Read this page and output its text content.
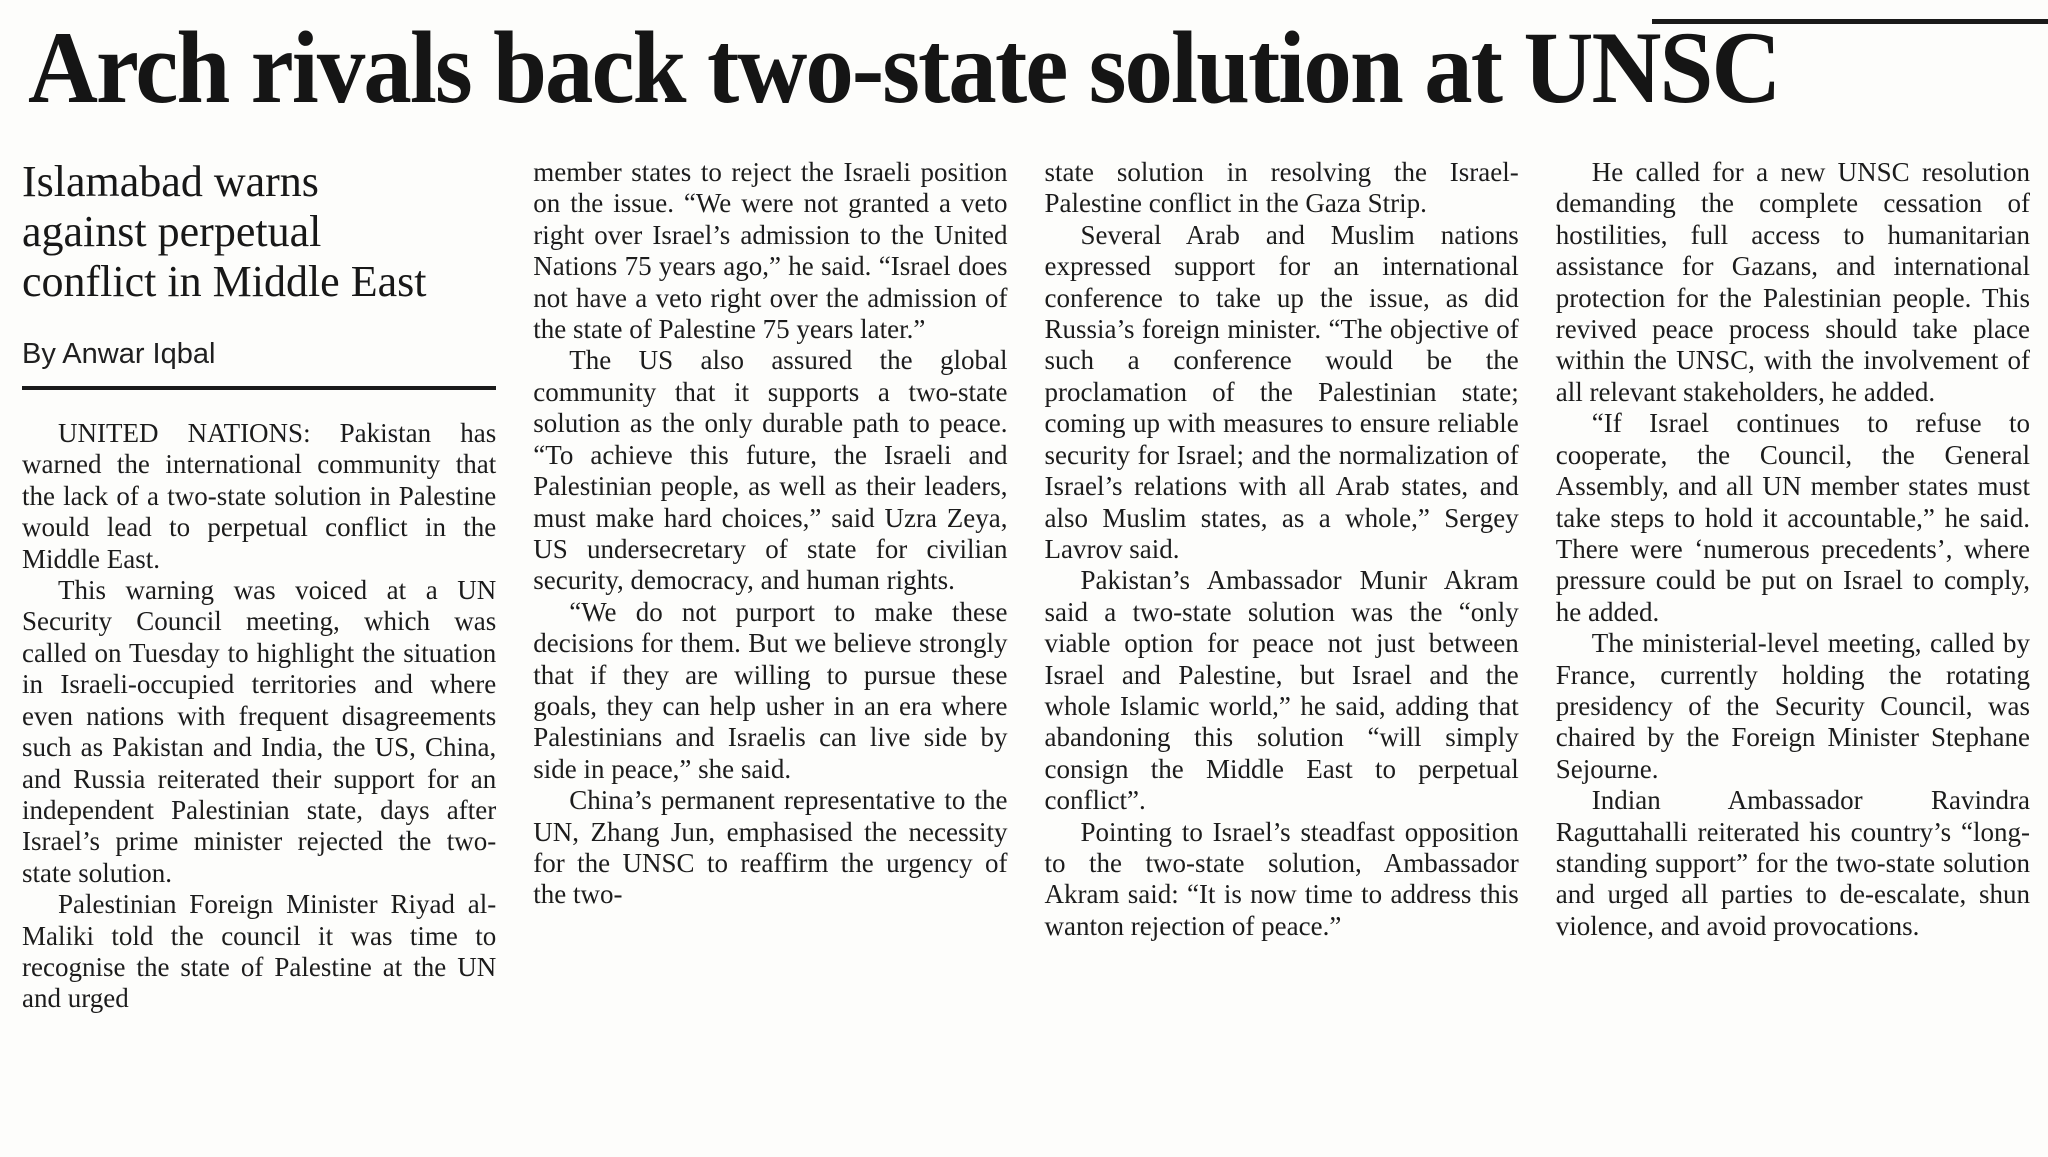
Arch rivals back two-state solution at UNSC
Islamabad warns against perpetual conflict in Middle East
By Anwar Iqbal

UNITED NATIONS: Pakistan has warned the international community that the lack of a two-state solution in Palestine would lead to perpetual conflict in the Middle East.

This warning was voiced at a UN Security Council meeting, which was called on Tuesday to highlight the situation in Israeli-occupied territories and where even nations with frequent disagreements such as Pakistan and India, the US, China, and Russia reiterated their support for an independent Palestinian state, days after Israel’s prime minister rejected the two-state solution.

Palestinian Foreign Minister Riyad al-Maliki told the council it was time to recognise the state of Palestine at the UN and urged

member states to reject the Israeli position on the issue. “We were not granted a veto right over Israel’s admission to the United Nations 75 years ago,” he said. “Israel does not have a veto right over the admission of the state of Palestine 75 years later.”

The US also assured the global community that it supports a two-state solution as the only durable path to peace. “To achieve this future, the Israeli and Palestinian people, as well as their leaders, must make hard choices,” said Uzra Zeya, US undersecretary of state for civilian security, democracy, and human rights.

“We do not purport to make these decisions for them. But we believe strongly that if they are willing to pursue these goals, they can help usher in an era where Palestinians and Israelis can live side by side in peace,” she said.

China’s permanent representative to the UN, Zhang Jun, emphasised the necessity for the UNSC to reaffirm the urgency of the two-

state solution in resolving the Israel-Palestine conflict in the Gaza Strip.

Several Arab and Muslim nations expressed support for an international conference to take up the issue, as did Russia’s foreign minister. “The objective of such a conference would be the proclamation of the Palestinian state; coming up with measures to ensure reliable security for Israel; and the normalization of Israel’s relations with all Arab states, and also Muslim states, as a whole,” Sergey Lavrov said.

Pakistan’s Ambassador Munir Akram said a two-state solution was the “only viable option for peace not just between Israel and Palestine, but Israel and the whole Islamic world,” he said, adding that abandoning this solution “will simply consign the Middle East to perpetual conflict”.

Pointing to Israel’s steadfast opposition to the two-state solution, Ambassador Akram said: “It is now time to address this wanton rejection of peace.”

He called for a new UNSC resolution demanding the complete cessation of hostilities, full access to humanitarian assistance for Gazans, and international protection for the Palestinian people. This revived peace process should take place within the UNSC, with the involvement of all relevant stakeholders, he added.

“If Israel continues to refuse to cooperate, the Council, the General Assembly, and all UN member states must take steps to hold it accountable,” he said. There were ‘numerous precedents’, where pressure could be put on Israel to comply, he added.

The ministerial-level meeting, called by France, currently holding the rotating presidency of the Security Council, was chaired by the Foreign Minister Stephane Sejourne.

Indian Ambassador Ravindra Raguttahalli reiterated his country’s “long-standing support” for the two-state solution and urged all parties to de-escalate, shun violence, and avoid provocations.
